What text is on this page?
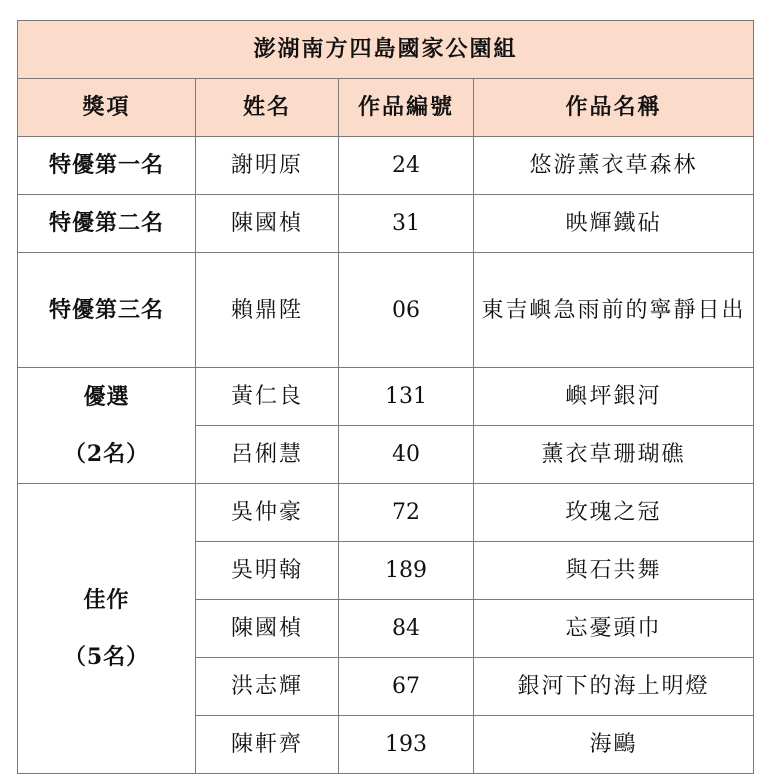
澎湖南方四島國家公園組			
獎項	姓名	作品編號	作品名稱
特優第一名	謝明原	24	悠游薰衣草森林
特優第二名	陳國楨	31	映輝鐵砧
特優第三名	賴鼎陞	06	東吉嶼急雨前的寧靜日出

優選
（2名）	黃仁良	131	嶼坪銀河
	呂俐慧	40	薰衣草珊瑚礁

佳作
（5名）	吳仲豪	72	玫瑰之冠
	吳明翰	189	與石共舞
	陳國楨	84	忘憂頭巾
	洪志輝	67	銀河下的海上明燈
	陳軒齊	193	海鷗
